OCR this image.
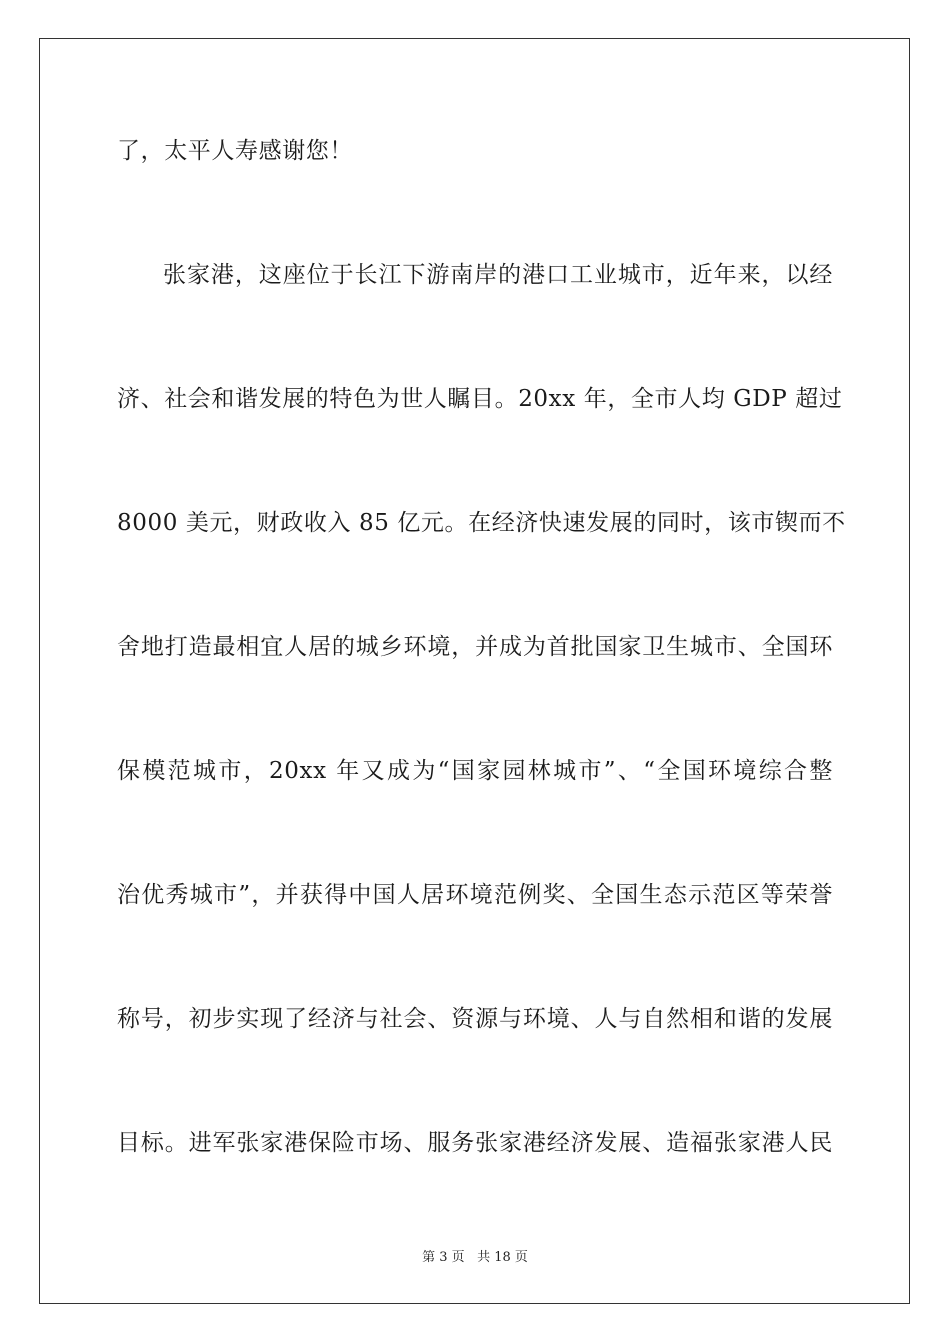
了，太平人寿感谢您！
张家港，这座位于长江下游南岸的港口工业城市，近年来，以经
济、社会和谐发展的特色为世人瞩目。20xx 年，全市人均 GDP 超过
8000 美元，财政收入 85 亿元。在经济快速发展的同时，该市锲而不
舍地打造最相宜人居的城乡环境，并成为首批国家卫生城市、全国环
保模范城市，20xx 年又成为“国家园林城市”、“全国环境综合整
治优秀城市”，并获得中国人居环境范例奖、全国生态示范区等荣誉
称号，初步实现了经济与社会、资源与环境、人与自然相和谐的发展
目标。进军张家港保险市场、服务张家港经济发展、造福张家港人民
第 3 页 共 18 页
